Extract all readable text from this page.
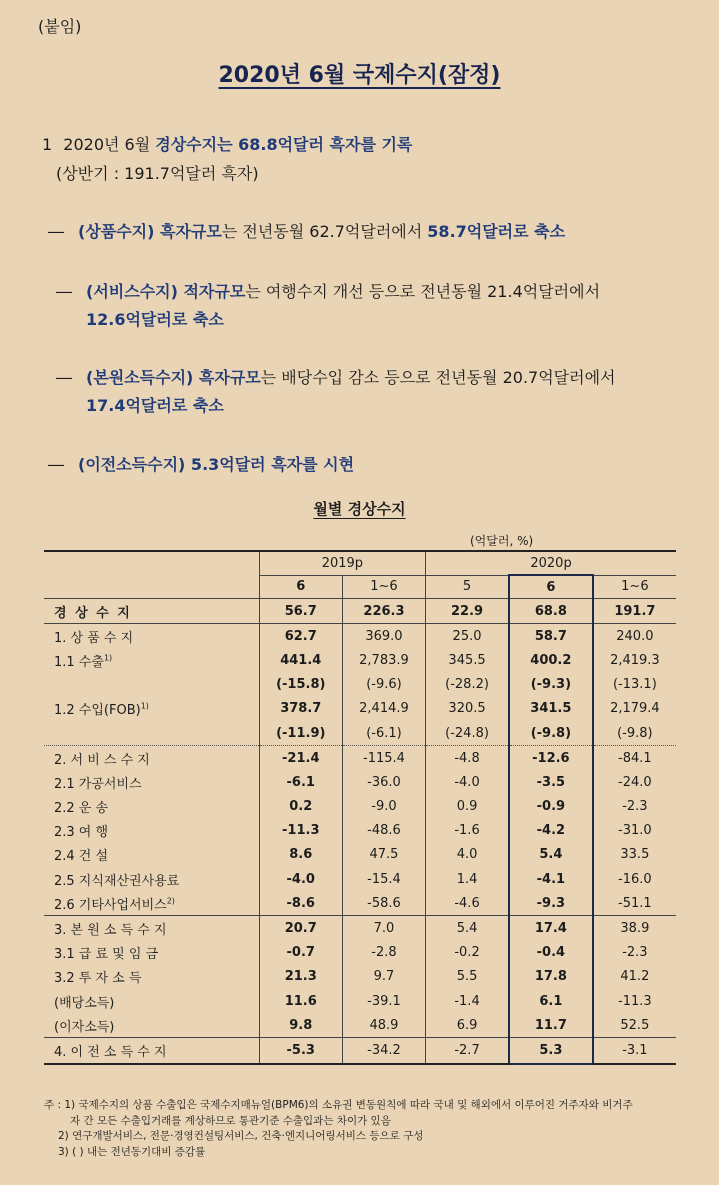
(붙임)
2020년 6월 국제수지(잠정)
1 2020년 6월 경상수지는 68.8억달러 흑자를 기록
(상반기 : 191.7억달러 흑자)
― (상품수지) 흑자규모는 전년동월 62.7억달러에서 58.7억달러로 축소
― (서비스수지) 적자규모는 여행수지 개선 등으로 전년동월 21.4억달러에서
12.6억달러로 축소
― (본원소득수지) 흑자규모는 배당수입 감소 등으로 전년동월 20.7억달러에서
17.4억달러로 축소
― (이전소득수지) 5.3억달러 흑자를 시현
월별 경상수지
(억달러, %)
	2019p		2020p		
	6	1~6	5	6	1~6
경 상 수 지	56.7	226.3	22.9	68.8	191.7
1. 상 품 수 지	62.7	369.0	25.0	58.7	240.0
1.1 수출$^{1)}$	441.4	2,783.9	345.5	400.2	2,419.3
	(-15.8)	(-9.6)	(-28.2)	(-9.3)	(-13.1)
1.2 수입(FOB)$^{1)}$	378.7	2,414.9	320.5	341.5	2,179.4
	(-11.9)	(-6.1)	(-24.8)	(-9.8)	(-9.8)
2. 서 비 스 수 지	-21.4	-115.4	-4.8	-12.6	-84.1
2.1 가공서비스	-6.1	-36.0	-4.0	-3.5	-24.0
2.2 운 송	0.2	-9.0	0.9	-0.9	-2.3
2.3 여 행	-11.3	-48.6	-1.6	-4.2	-31.0
2.4 건 설	8.6	47.5	4.0	5.4	33.5
2.5 지식재산권사용료	-4.0	-15.4	1.4	-4.1	-16.0
2.6 기타사업서비스$^{2)}$	-8.6	-58.6	-4.6	-9.3	-51.1
3. 본 원 소 득 수 지	20.7	7.0	5.4	17.4	38.9
3.1 급 료 및 임 금	-0.7	-2.8	-0.2	-0.4	-2.3
3.2 투 자 소 득	21.3	9.7	5.5	17.8	41.2
(배당소득)	11.6	-39.1	-1.4	6.1	-11.3
(이자소득)	9.8	48.9	6.9	11.7	52.5
4. 이 전 소 득 수 지	-5.3	-34.2	-2.7	5.3	-3.1
주 : 1) 국제수지의 상품 수출입은 국제수지매뉴얼(BPM6)의 소유권 변동원칙에 따라 국내 및 해외에서 이루어진 거주자와 비거주
자 간 모든 수출입거래를 계상하므로 통관기준 수출입과는 차이가 있음
2) 연구개발서비스, 전문·경영컨설팅서비스, 건축·엔지니어링서비스 등으로 구성
3) ( ) 내는 전년동기대비 증감률
